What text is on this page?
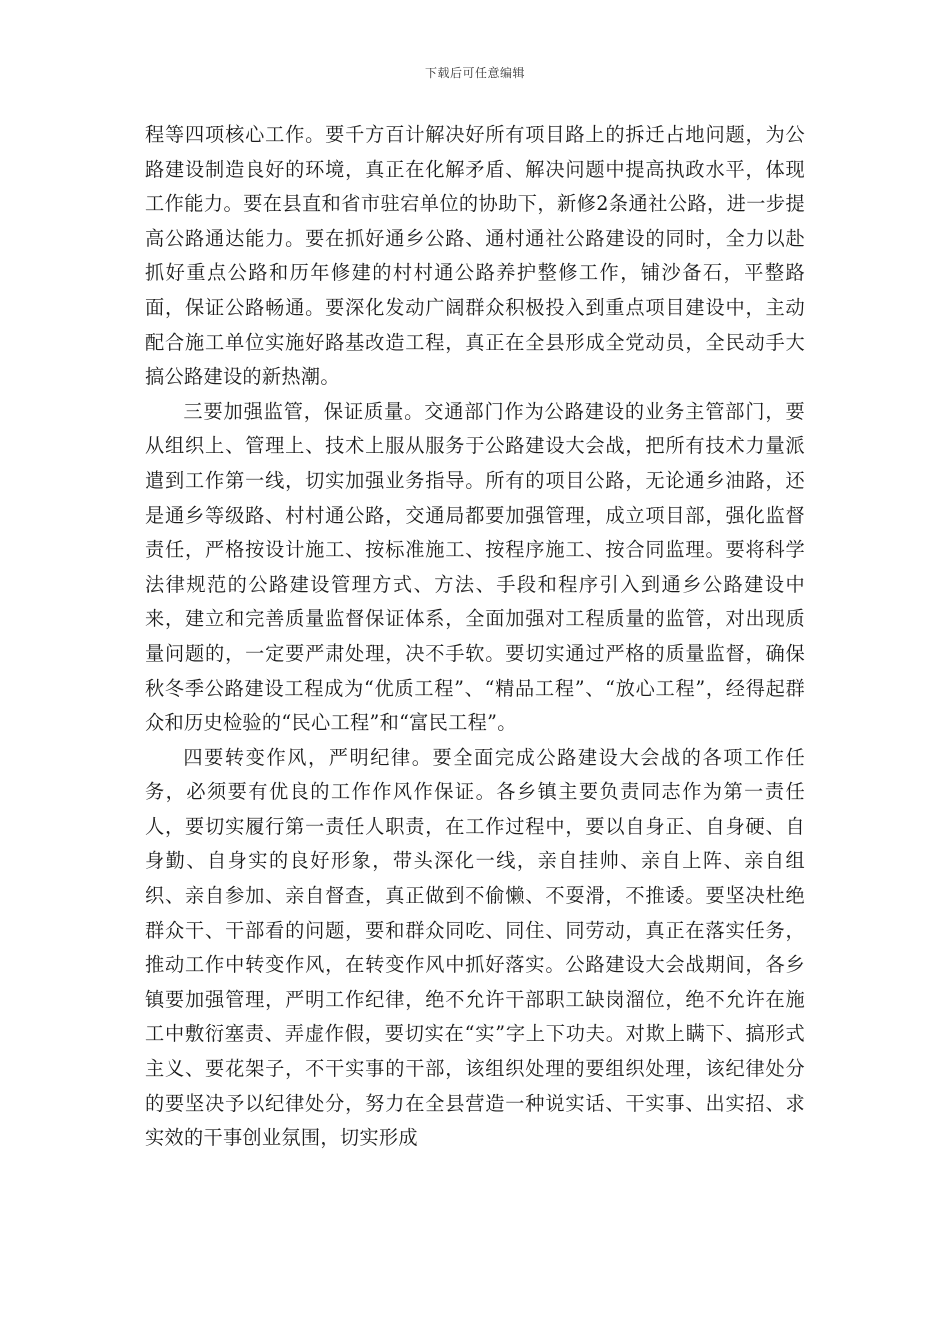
下载后可任意编辑

程等四项核心工作。要千方百计解决好所有项目路上的拆迁占地问题，为公路建设制造良好的环境，真正在化解矛盾、解决问题中提高执政水平，体现工作能力。要在县直和省市驻宕单位的协助下，新修2条通社公路，进一步提高公路通达能力。要在抓好通乡公路、通村通社公路建设的同时，全力以赴抓好重点公路和历年修建的村村通公路养护整修工作，铺沙备石，平整路面，保证公路畅通。要深化发动广阔群众积极投入到重点项目建设中，主动配合施工单位实施好路基改造工程，真正在全县形成全党动员，全民动手大搞公路建设的新热潮。

三要加强监管，保证质量。交通部门作为公路建设的业务主管部门，要从组织上、管理上、技术上服从服务于公路建设大会战，把所有技术力量派遣到工作第一线，切实加强业务指导。所有的项目公路，无论通乡油路，还是通乡等级路、村村通公路，交通局都要加强管理，成立项目部，强化监督责任，严格按设计施工、按标准施工、按程序施工、按合同监理。要将科学法律规范的公路建设管理方式、方法、手段和程序引入到通乡公路建设中来，建立和完善质量监督保证体系，全面加强对工程质量的监管，对出现质量问题的，一定要严肃处理，决不手软。要切实通过严格的质量监督，确保秋冬季公路建设工程成为“优质工程”、“精品工程”、“放心工程”，经得起群众和历史检验的“民心工程”和“富民工程”。

四要转变作风，严明纪律。要全面完成公路建设大会战的各项工作任务，必须要有优良的工作作风作保证。各乡镇主要负责同志作为第一责任人，要切实履行第一责任人职责，在工作过程中，要以自身正、自身硬、自身勤、自身实的良好形象，带头深化一线，亲自挂帅、亲自上阵、亲自组织、亲自参加、亲自督查，真正做到不偷懒、不耍滑，不推诿。要坚决杜绝群众干、干部看的问题，要和群众同吃、同住、同劳动，真正在落实任务，推动工作中转变作风，在转变作风中抓好落实。公路建设大会战期间，各乡镇要加强管理，严明工作纪律，绝不允许干部职工缺岗溜位，绝不允许在施工中敷衍塞责、弄虚作假，要切实在“实”字上下功夫。对欺上瞒下、搞形式主义、要花架子，不干实事的干部，该组织处理的要组织处理，该纪律处分的要坚决予以纪律处分，努力在全县营造一种说实话、干实事、出实招、求实效的干事创业氛围，切实形成
